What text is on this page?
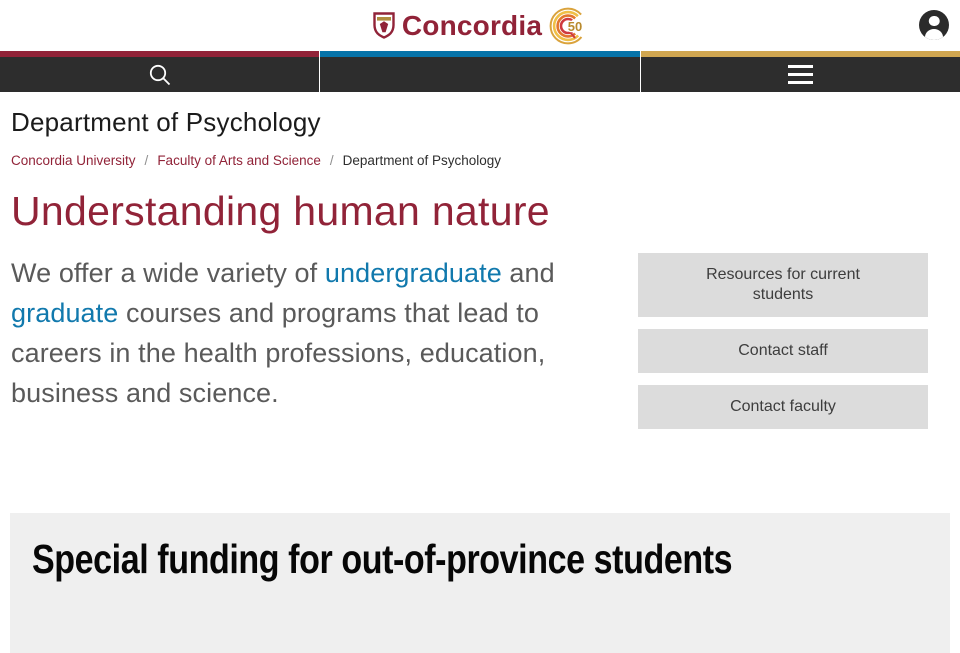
Concordia 50
Department of Psychology
Concordia University / Faculty of Arts and Science / Department of Psychology
Understanding human nature

We offer a wide variety of undergraduate and graduate courses and programs that lead to careers in the health professions, education, business and science.

Resources for current students
Contact staff
Contact faculty
Special funding for out-of-province students
